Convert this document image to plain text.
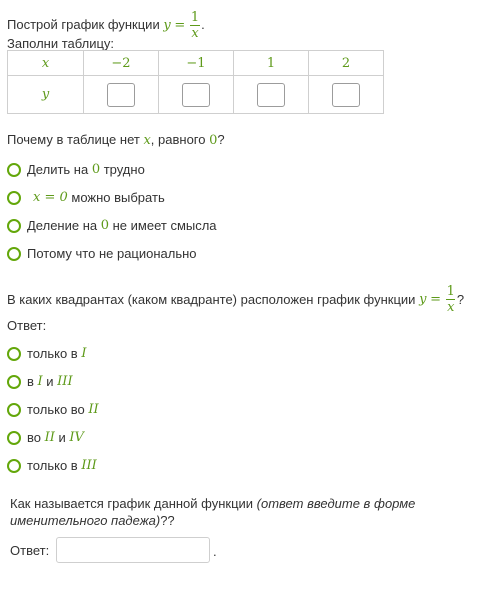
Построй график функции $y = \frac{1}{x}$ .
Заполни таблицу:
x	−2	−1	1	2
y				
Почему в таблице нет x, равного 0?
Делить на 0 трудно
x = 0 можно выбрать
Деление на 0 не имеет смысла
Потому что не рационально
В каких квадрантах (каком квадранте) расположен график функции
y
=
$\frac{1}{x}$ ?
Ответ:
только в I
в I и III
только во II
во II и IV
только в III
Как называется график данной функции (ответ введите в форме именительного падежа)??
Ответ:	.
